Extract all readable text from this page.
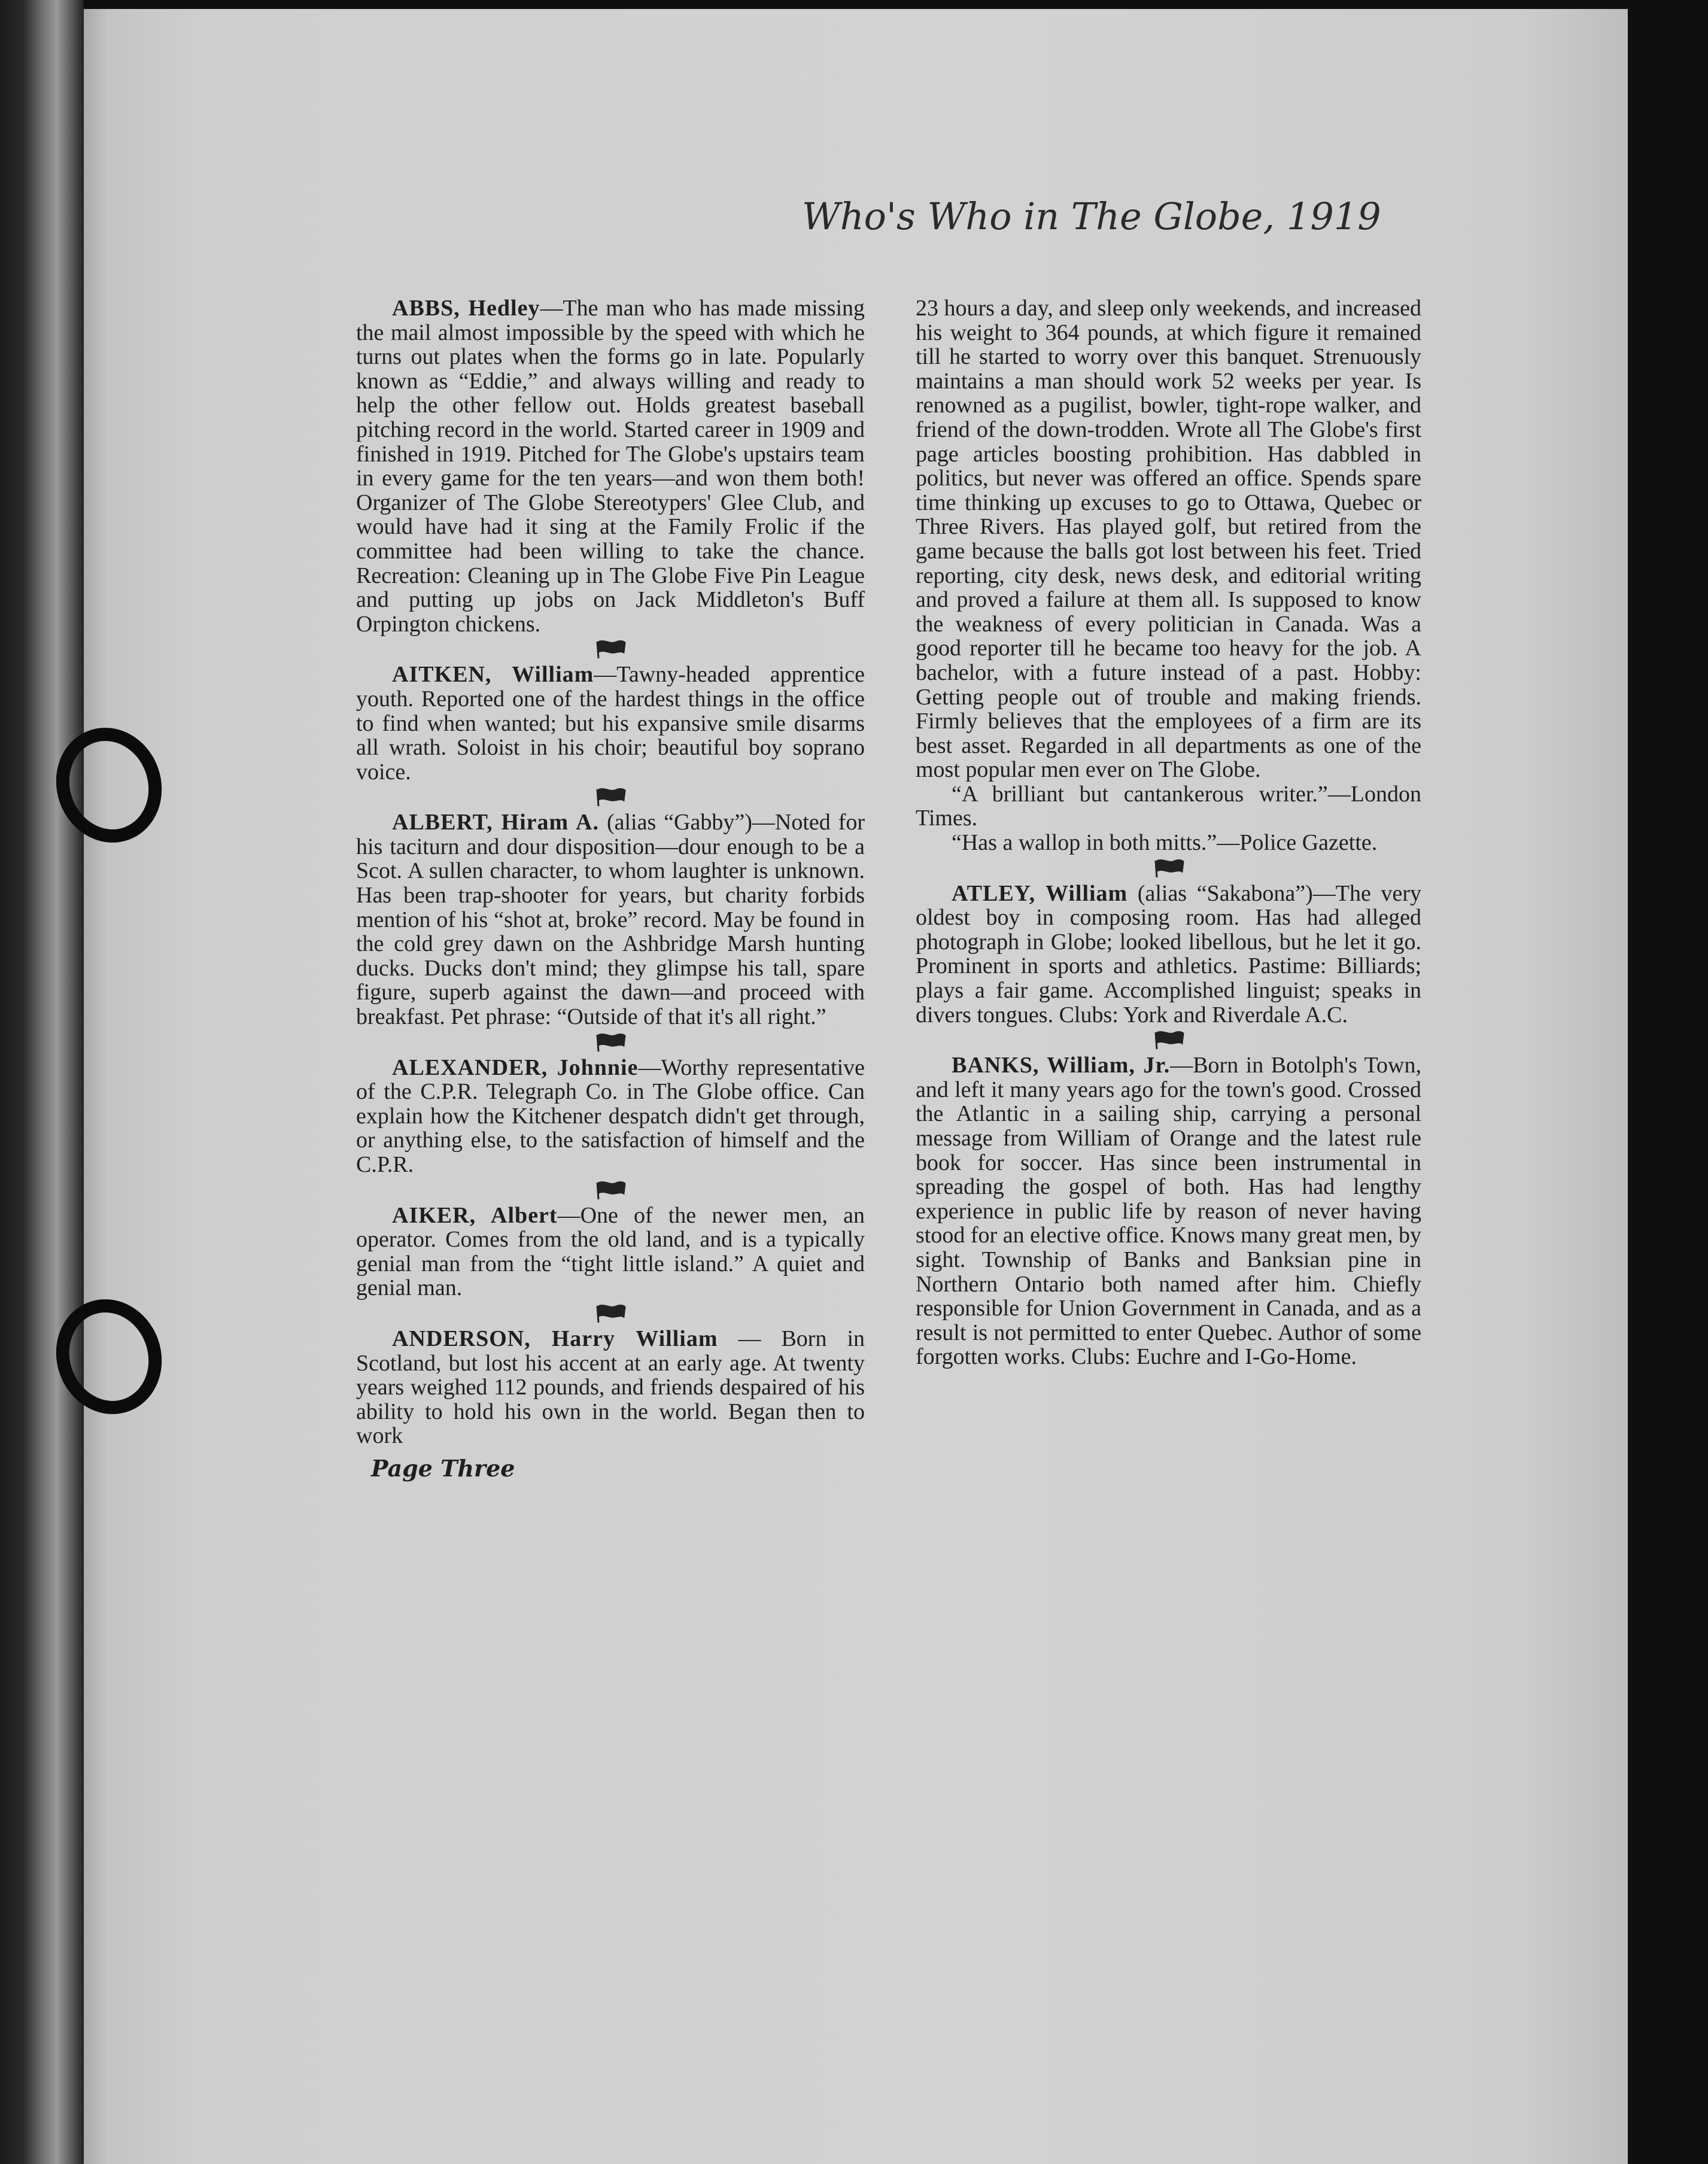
Who's Who in The Globe, 1919

ABBS, Hedley—The man who has made missing the mail almost impossible by the speed with which he turns out plates when the forms go in late. Popularly known as “Eddie,” and always willing and ready to help the other fellow out. Holds greatest baseball pitching record in the world. Started career in 1909 and finished in 1919. Pitched for The Globe's upstairs team in every game for the ten years—and won them both! Organizer of The Globe Stereotypers' Glee Club, and would have had it sing at the Family Frolic if the committee had been willing to take the chance. Recreation: Cleaning up in The Globe Five Pin League and putting up jobs on Jack Middleton's Buff Orpington chickens.

AITKEN, William—Tawny-headed apprentice youth. Reported one of the hardest things in the office to find when wanted; but his expansive smile disarms all wrath. Soloist in his choir; beautiful boy soprano voice.

ALBERT, Hiram A. (alias “Gabby”)—Noted for his taciturn and dour disposition—dour enough to be a Scot. A sullen character, to whom laughter is unknown. Has been trap-shooter for years, but charity forbids mention of his “shot at, broke” record. May be found in the cold grey dawn on the Ashbridge Marsh hunting ducks. Ducks don't mind; they glimpse his tall, spare figure, superb against the dawn—and proceed with breakfast. Pet phrase: “Outside of that it's all right.”

ALEXANDER, Johnnie—Worthy representative of the C.P.R. Telegraph Co. in The Globe office. Can explain how the Kitchener despatch didn't get through, or anything else, to the satisfaction of himself and the C.P.R.

AIKER, Albert—One of the newer men, an operator. Comes from the old land, and is a typically genial man from the “tight little island.” A quiet and genial man.

ANDERSON, Harry William — Born in Scotland, but lost his accent at an early age. At twenty years weighed 112 pounds, and friends despaired of his ability to hold his own in the world. Began then to work

Page Three

23 hours a day, and sleep only weekends, and increased his weight to 364 pounds, at which figure it remained till he started to worry over this banquet. Strenuously maintains a man should work 52 weeks per year. Is renowned as a pugilist, bowler, tight-rope walker, and friend of the down-trodden. Wrote all The Globe's first page articles boosting prohibition. Has dabbled in politics, but never was offered an office. Spends spare time thinking up excuses to go to Ottawa, Quebec or Three Rivers. Has played golf, but retired from the game because the balls got lost between his feet. Tried reporting, city desk, news desk, and editorial writing and proved a failure at them all. Is supposed to know the weakness of every politician in Canada. Was a good reporter till he became too heavy for the job. A bachelor, with a future instead of a past. Hobby: Getting people out of trouble and making friends. Firmly believes that the employees of a firm are its best asset. Regarded in all departments as one of the most popular men ever on The Globe.

“A brilliant but cantankerous writer.”—London Times.

“Has a wallop in both mitts.”—Police Gazette.

ATLEY, William (alias “Sakabona”)—The very oldest boy in composing room. Has had alleged photograph in Globe; looked libellous, but he let it go. Prominent in sports and athletics. Pastime: Billiards; plays a fair game. Accomplished linguist; speaks in divers tongues. Clubs: York and Riverdale A.C.

BANKS, William, Jr.—Born in Botolph's Town, and left it many years ago for the town's good. Crossed the Atlantic in a sailing ship, carrying a personal message from William of Orange and the latest rule book for soccer. Has since been instrumental in spreading the gospel of both. Has had lengthy experience in public life by reason of never having stood for an elective office. Knows many great men, by sight. Township of Banks and Banksian pine in Northern Ontario both named after him. Chiefly responsible for Union Government in Canada, and as a result is not permitted to enter Quebec. Author of some forgotten works. Clubs: Euchre and I-Go-Home.
